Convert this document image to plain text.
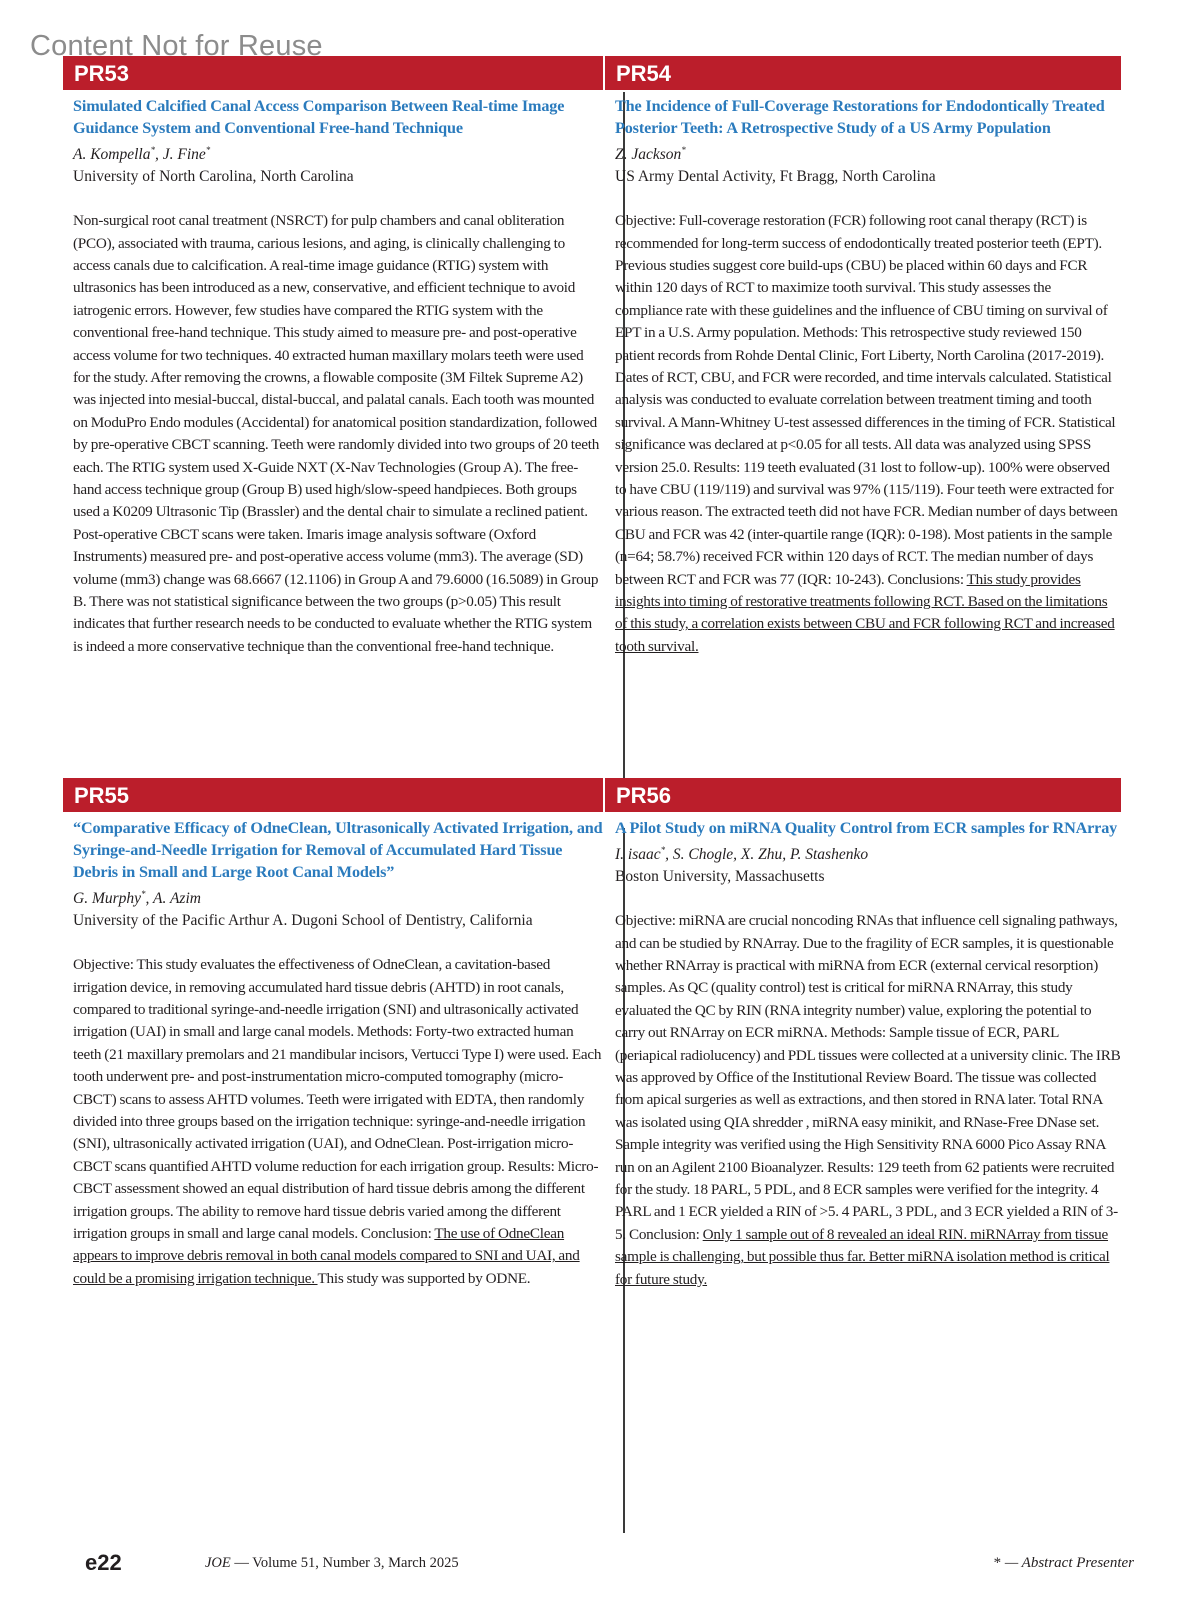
Content Not for Reuse
PR53
Simulated Calcified Canal Access Comparison Between Real-time Image Guidance System and Conventional Free-hand Technique
A. Kompella*, J. Fine*
University of North Carolina, North Carolina
Non-surgical root canal treatment (NSRCT) for pulp chambers and canal obliteration (PCO), associated with trauma, carious lesions, and aging, is clinically challenging to access canals due to calcification. A real-time image guidance (RTIG) system with ultrasonics has been introduced as a new, conservative, and efficient technique to avoid iatrogenic errors. However, few studies have compared the RTIG system with the conventional free-hand technique. This study aimed to measure pre- and post-operative access volume for two techniques. 40 extracted human maxillary molars teeth were used for the study. After removing the crowns, a flowable composite (3M Filtek Supreme A2) was injected into mesial-buccal, distal-buccal, and palatal canals. Each tooth was mounted on ModuPro Endo modules (Accidental) for anatomical position standardization, followed by pre-operative CBCT scanning. Teeth were randomly divided into two groups of 20 teeth each. The RTIG system used X-Guide NXT (X-Nav Technologies (Group A). The free-hand access technique group (Group B) used high/slow-speed handpieces. Both groups used a K0209 Ultrasonic Tip (Brassler) and the dental chair to simulate a reclined patient. Post-operative CBCT scans were taken. Imaris image analysis software (Oxford Instruments) measured pre- and post-operative access volume (mm3). The average (SD) volume (mm3) change was 68.6667 (12.1106) in Group A and 79.6000 (16.5089) in Group B. There was not statistical significance between the two groups (p>0.05) This result indicates that further research needs to be conducted to evaluate whether the RTIG system is indeed a more conservative technique than the conventional free-hand technique.
PR54
The Incidence of Full-Coverage Restorations for Endodontically Treated Posterior Teeth: A Retrospective Study of a US Army Population
Z. Jackson*
US Army Dental Activity, Ft Bragg, North Carolina
Objective: Full-coverage restoration (FCR) following root canal therapy (RCT) is recommended for long-term success of endodontically treated posterior teeth (EPT). Previous studies suggest core build-ups (CBU) be placed within 60 days and FCR within 120 days of RCT to maximize tooth survival. This study assesses the compliance rate with these guidelines and the influence of CBU timing on survival of EPT in a U.S. Army population. Methods: This retrospective study reviewed 150 patient records from Rohde Dental Clinic, Fort Liberty, North Carolina (2017-2019). Dates of RCT, CBU, and FCR were recorded, and time intervals calculated. Statistical analysis was conducted to evaluate correlation between treatment timing and tooth survival. A Mann-Whitney U-test assessed differences in the timing of FCR. Statistical significance was declared at p<0.05 for all tests. All data was analyzed using SPSS version 25.0. Results: 119 teeth evaluated (31 lost to follow-up). 100% were observed to have CBU (119/119) and survival was 97% (115/119). Four teeth were extracted for various reason. The extracted teeth did not have FCR. Median number of days between CBU and FCR was 42 (inter-quartile range (IQR): 0-198). Most patients in the sample (n=64; 58.7%) received FCR within 120 days of RCT. The median number of days between RCT and FCR was 77 (IQR: 10-243). Conclusions: This study provides insights into timing of restorative treatments following RCT. Based on the limitations of this study, a correlation exists between CBU and FCR following RCT and increased tooth survival.
PR55
“Comparative Efficacy of OdneClean, Ultrasonically Activated Irrigation, and Syringe-and-Needle Irrigation for Removal of Accumulated Hard Tissue Debris in Small and Large Root Canal Models”
G. Murphy*, A. Azim
University of the Pacific Arthur A. Dugoni School of Dentistry, California
Objective: This study evaluates the effectiveness of OdneClean, a cavitation-based irrigation device, in removing accumulated hard tissue debris (AHTD) in root canals, compared to traditional syringe-and-needle irrigation (SNI) and ultrasonically activated irrigation (UAI) in small and large canal models. Methods: Forty-two extracted human teeth (21 maxillary premolars and 21 mandibular incisors, Vertucci Type I) were used. Each tooth underwent pre- and post-instrumentation micro-computed tomography (micro-CBCT) scans to assess AHTD volumes. Teeth were irrigated with EDTA, then randomly divided into three groups based on the irrigation technique: syringe-and-needle irrigation (SNI), ultrasonically activated irrigation (UAI), and OdneClean. Post-irrigation micro-CBCT scans quantified AHTD volume reduction for each irrigation group. Results: Micro-CBCT assessment showed an equal distribution of hard tissue debris among the different irrigation groups. The ability to remove hard tissue debris varied among the different irrigation groups in small and large canal models. Conclusion: The use of OdneClean appears to improve debris removal in both canal models compared to SNI and UAI, and could be a promising irrigation technique. This study was supported by ODNE.
PR56
A Pilot Study on miRNA Quality Control from ECR samples for RNArray
I. isaac*, S. Chogle, X. Zhu, P. Stashenko
Boston University, Massachusetts
Objective: miRNA are crucial noncoding RNAs that influence cell signaling pathways, and can be studied by RNArray. Due to the fragility of ECR samples, it is questionable whether RNArray is practical with miRNA from ECR (external cervical resorption) samples. As QC (quality control) test is critical for miRNA RNArray, this study evaluated the QC by RIN (RNA integrity number) value, exploring the potential to carry out RNArray on ECR miRNA. Methods: Sample tissue of ECR, PARL (periapical radiolucency) and PDL tissues were collected at a university clinic. The IRB was approved by Office of the Institutional Review Board. The tissue was collected from apical surgeries as well as extractions, and then stored in RNA later. Total RNA was isolated using QIA shredder , miRNA easy minikit, and RNase-Free DNase set. Sample integrity was verified using the High Sensitivity RNA 6000 Pico Assay RNA run on an Agilent 2100 Bioanalyzer. Results: 129 teeth from 62 patients were recruited for the study. 18 PARL, 5 PDL, and 8 ECR samples were verified for the integrity. 4 PARL and 1 ECR yielded a RIN of >5. 4 PARL, 3 PDL, and 3 ECR yielded a RIN of 3-5. Conclusion: Only 1 sample out of 8 revealed an ideal RIN. miRNArray from tissue sample is challenging, but possible thus far. Better miRNA isolation method is critical for future study.
e22	JOE — Volume 51, Number 3, March 2025	* — Abstract Presenter
